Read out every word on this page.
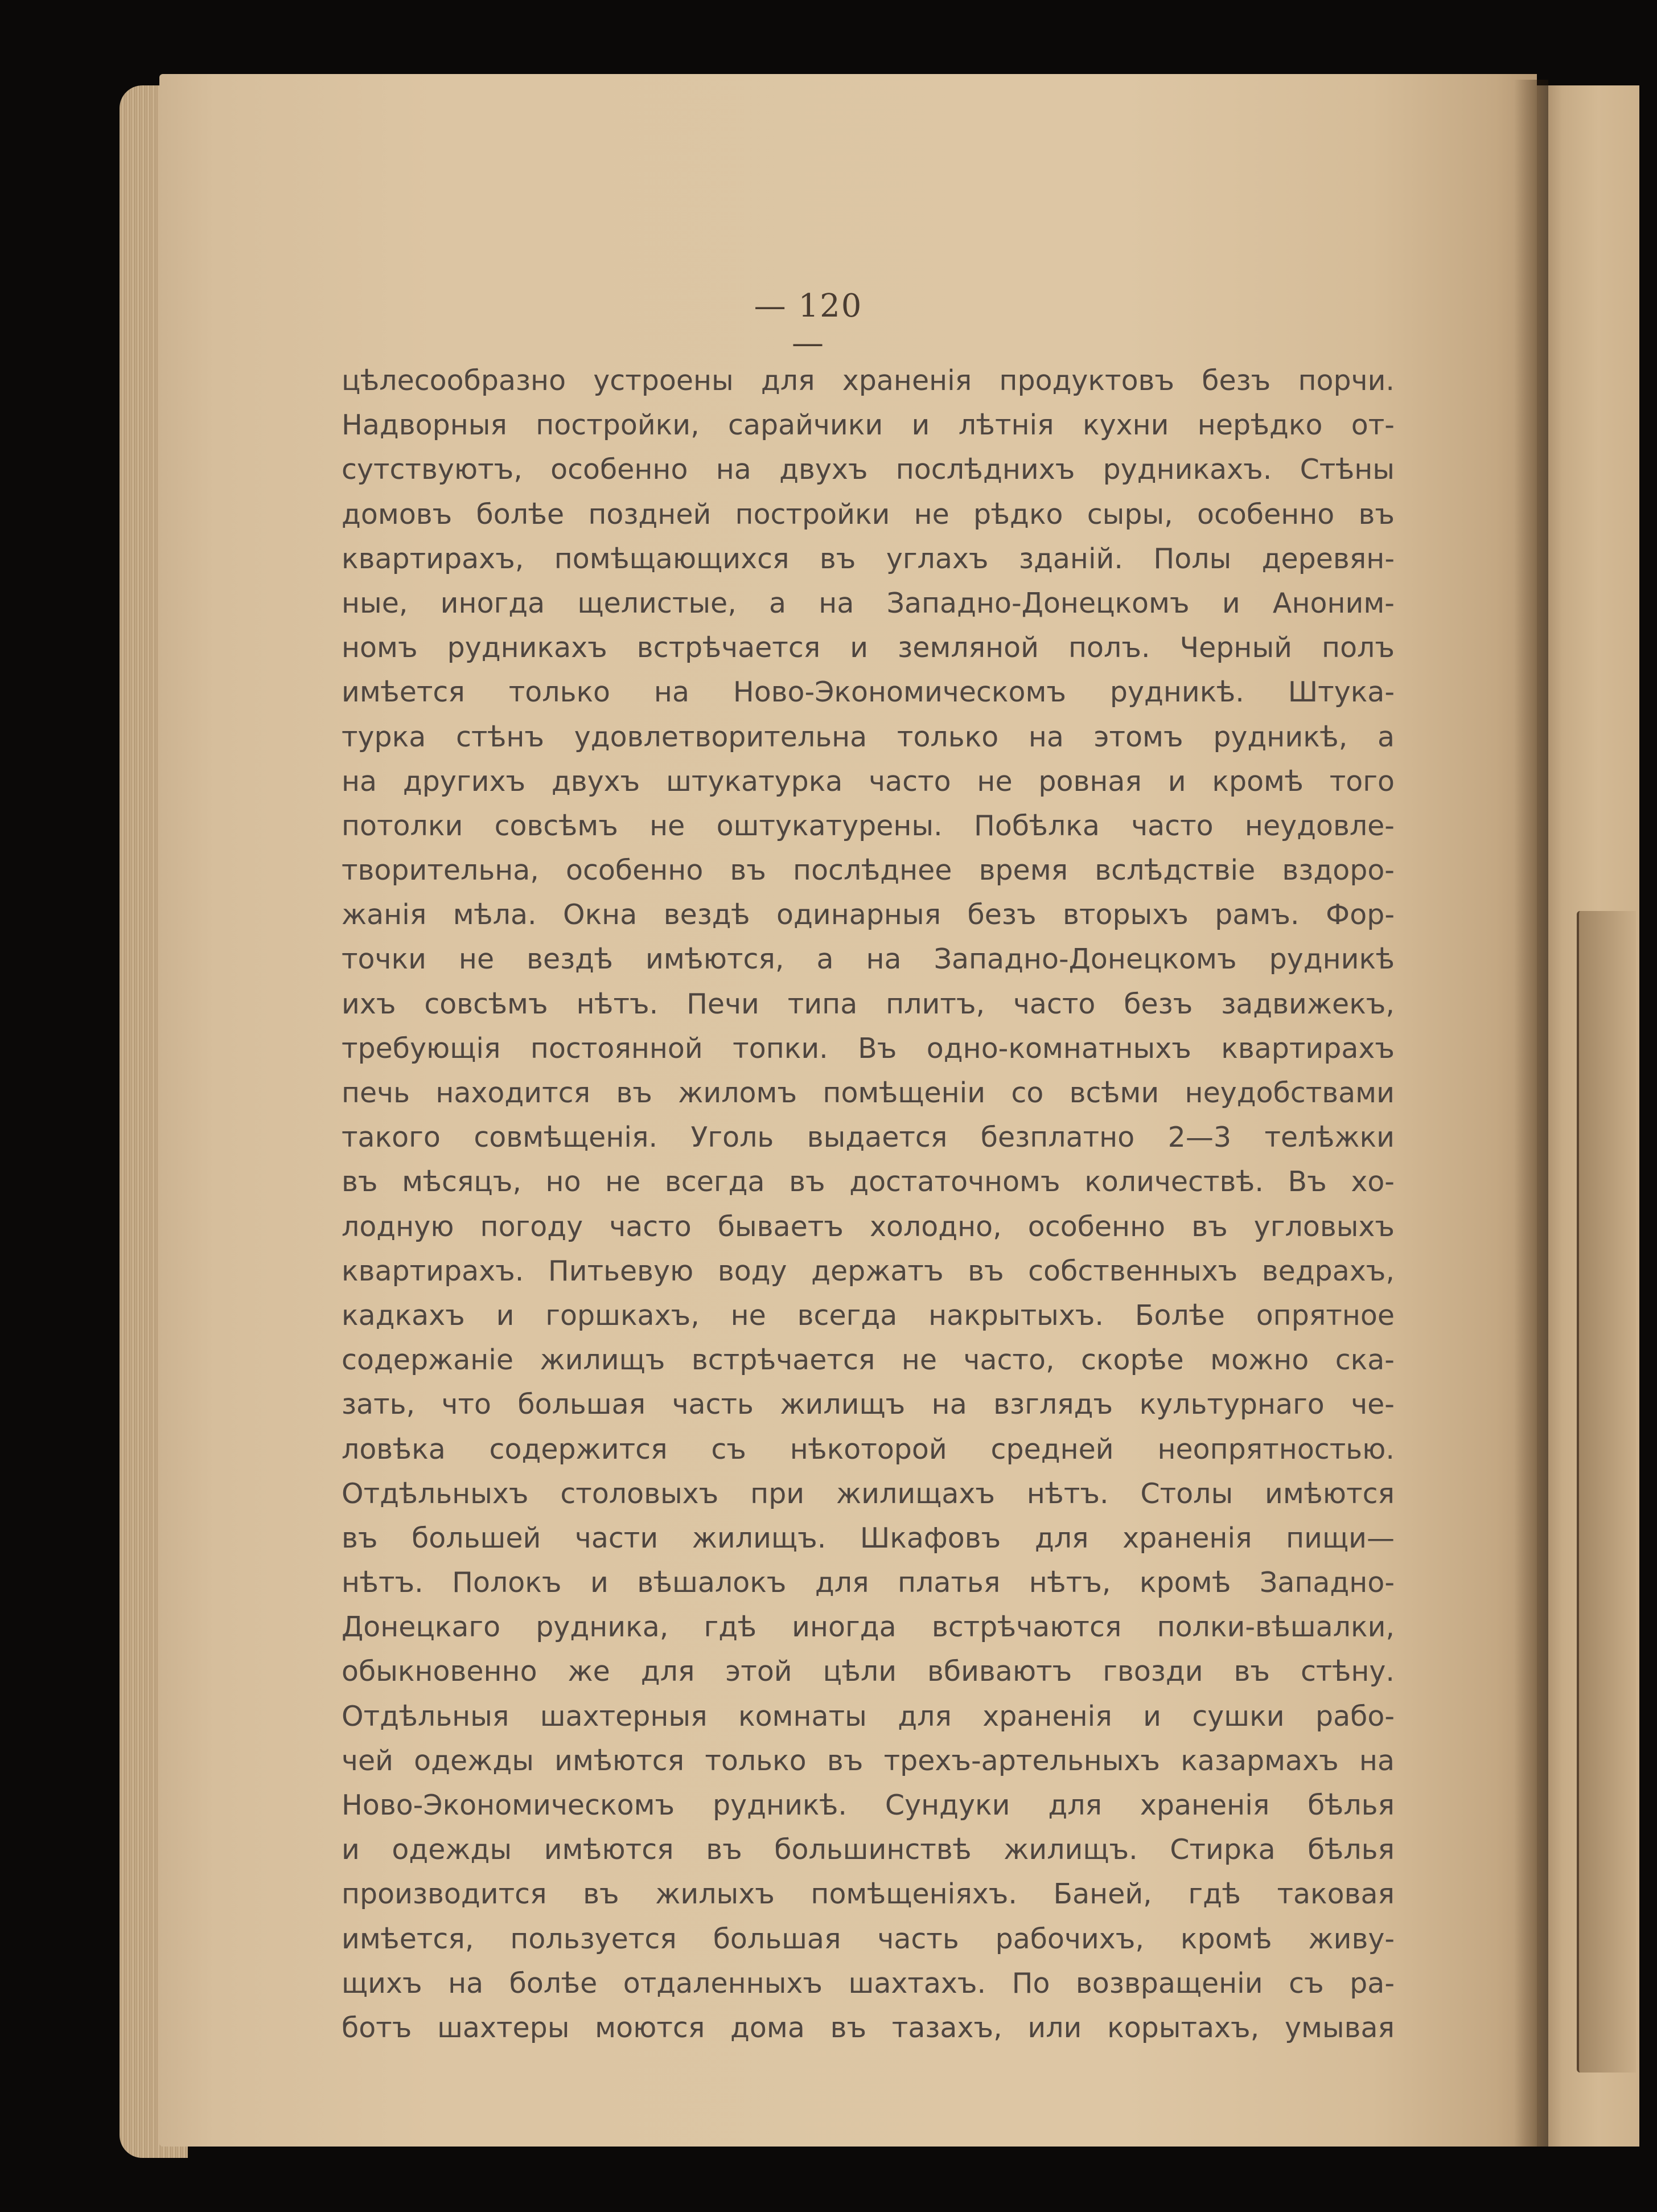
— 120 —
цѣлесообразно устроены для храненія продуктовъ безъ порчи.
Надворныя постройки, сарайчики и лѣтнія кухни нерѣдко от-
сутствуютъ, особенно на двухъ послѣднихъ рудникахъ. Стѣны
домовъ болѣе поздней постройки не рѣдко сыры, особенно въ
квартирахъ, помѣщающихся въ углахъ зданій. Полы деревян-
ные, иногда щелистые, а на Западно-Донецкомъ и Аноним-
номъ рудникахъ встрѣчается и земляной полъ. Черный полъ
имѣется только на Ново-Экономическомъ рудникѣ. Штука-
турка стѣнъ удовлетворительна только на этомъ рудникѣ, а
на другихъ двухъ штукатурка часто не ровная и кромѣ того
потолки совсѣмъ не оштукатурены. Побѣлка часто неудовле-
творительна, особенно въ послѣднее время вслѣдствіе вздоро-
жанія мѣла. Окна вездѣ одинарныя безъ вторыхъ рамъ. Фор-
точки не вездѣ имѣются, а на Западно-Донецкомъ рудникѣ
ихъ совсѣмъ нѣтъ. Печи типа плитъ, часто безъ задвижекъ,
требующія постоянной топки. Въ одно-комнатныхъ квартирахъ
печь находится въ жиломъ помѣщеніи со всѣми неудобствами
такого совмѣщенія. Уголь выдается безплатно 2—3 телѣжки
въ мѣсяцъ, но не всегда въ достаточномъ количествѣ. Въ хо-
лодную погоду часто бываетъ холодно, особенно въ угловыхъ
квартирахъ. Питьевую воду держатъ въ собственныхъ ведрахъ,
кадкахъ и горшкахъ, не всегда накрытыхъ. Болѣе опрятное
содержаніе жилищъ встрѣчается не часто, скорѣе можно ска-
зать, что большая часть жилищъ на взглядъ культурнаго че-
ловѣка содержится съ нѣкоторой средней неопрятностью.
Отдѣльныхъ столовыхъ при жилищахъ нѣтъ. Столы имѣются
въ большей части жилищъ. Шкафовъ для храненія пищи—
нѣтъ. Полокъ и вѣшалокъ для платья нѣтъ, кромѣ Западно-
Донецкаго рудника, гдѣ иногда встрѣчаются полки-вѣшалки,
обыкновенно же для этой цѣли вбиваютъ гвозди въ стѣну.
Отдѣльныя шахтерныя комнаты для храненія и сушки рабо-
чей одежды имѣются только въ трехъ-артельныхъ казармахъ на
Ново-Экономическомъ рудникѣ. Сундуки для храненія бѣлья
и одежды имѣются въ большинствѣ жилищъ. Стирка бѣлья
производится въ жилыхъ помѣщеніяхъ. Баней, гдѣ таковая
имѣется, пользуется большая часть рабочихъ, кромѣ живу-
щихъ на болѣе отдаленныхъ шахтахъ. По возвращеніи съ ра-
ботъ шахтеры моются дома въ тазахъ, или корытахъ, умывая
